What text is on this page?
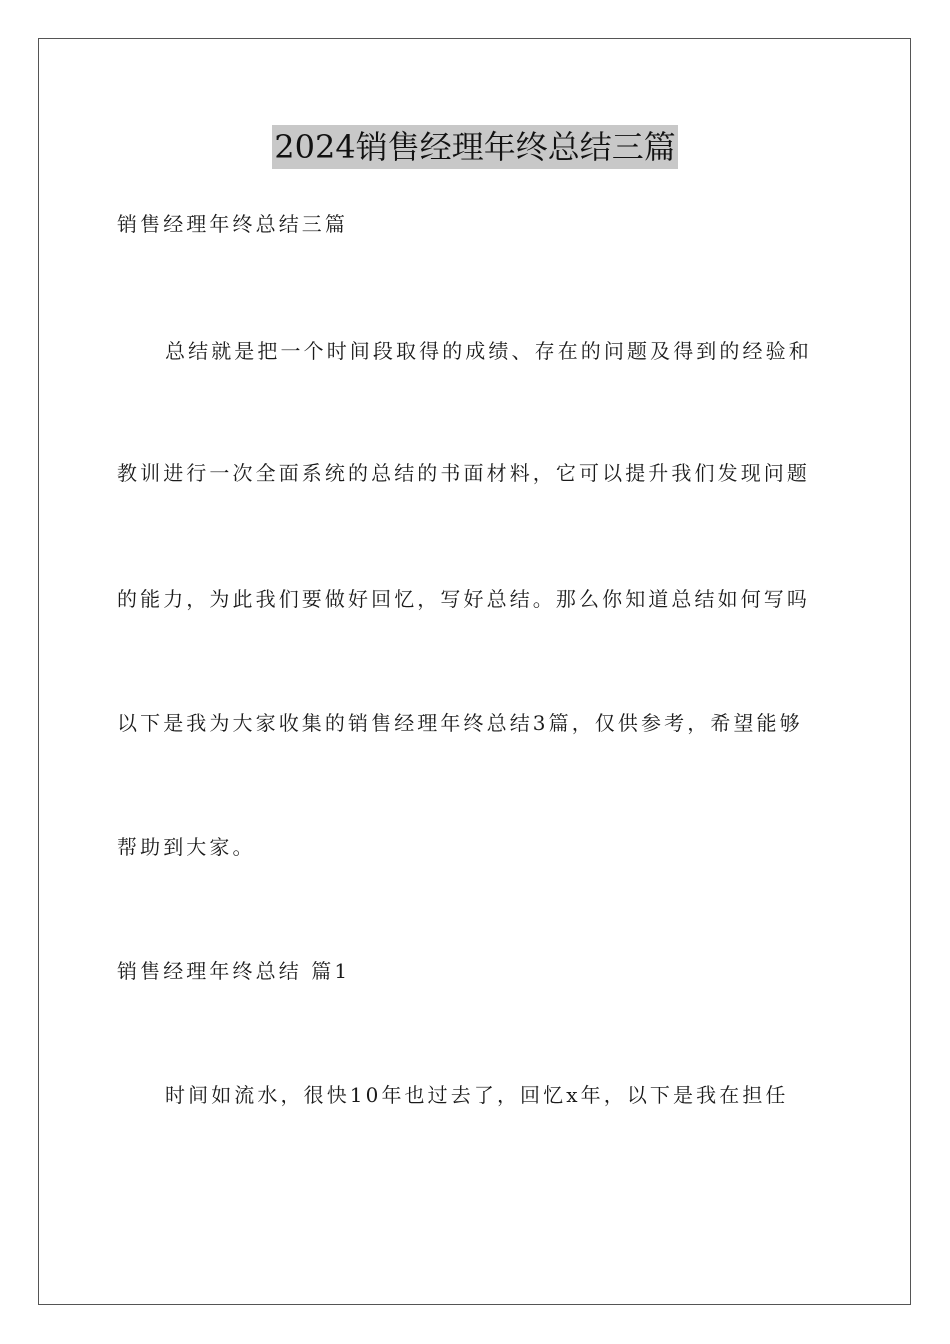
2024销售经理年终总结三篇
销售经理年终总结三篇
总结就是把一个时间段取得的成绩、存在的问题及得到的经验和
教训进行一次全面系统的总结的书面材料，它可以提升我们发现问题
的能力，为此我们要做好回忆，写好总结。那么你知道总结如何写吗
以下是我为大家收集的销售经理年终总结3篇，仅供参考，希望能够
帮助到大家。
销售经理年终总结 篇1
时间如流水，很快10年也过去了，回忆x年，以下是我在担任
